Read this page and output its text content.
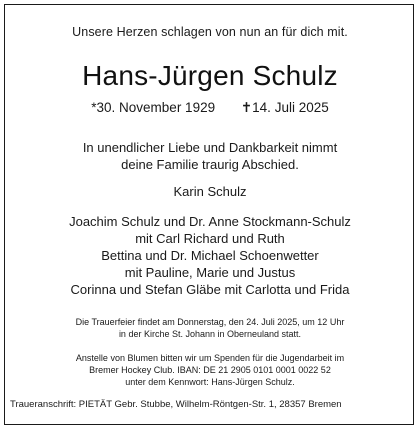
Unsere Herzen schlagen von nun an für dich mit.
Hans-Jürgen Schulz
*30. November 1929 ✝14. Juli 2025
In unendlicher Liebe und Dankbarkeit nimmt
deine Familie traurig Abschied.
Karin Schulz
Joachim Schulz und Dr. Anne Stockmann-Schulz
mit Carl Richard und Ruth
Bettina und Dr. Michael Schoenwetter
mit Pauline, Marie und Justus
Corinna und Stefan Gläbe mit Carlotta und Frida
Die Trauerfeier findet am Donnerstag, den 24. Juli 2025, um 12 Uhr
in der Kirche St. Johann in Oberneuland statt.
Anstelle von Blumen bitten wir um Spenden für die Jugendarbeit im
Bremer Hockey Club. IBAN: DE 21 2905 0101 0001 0022 52
unter dem Kennwort: Hans-Jürgen Schulz.
Traueranschrift: PIETÄT Gebr. Stubbe, Wilhelm-Röntgen-Str. 1, 28357 Bremen
